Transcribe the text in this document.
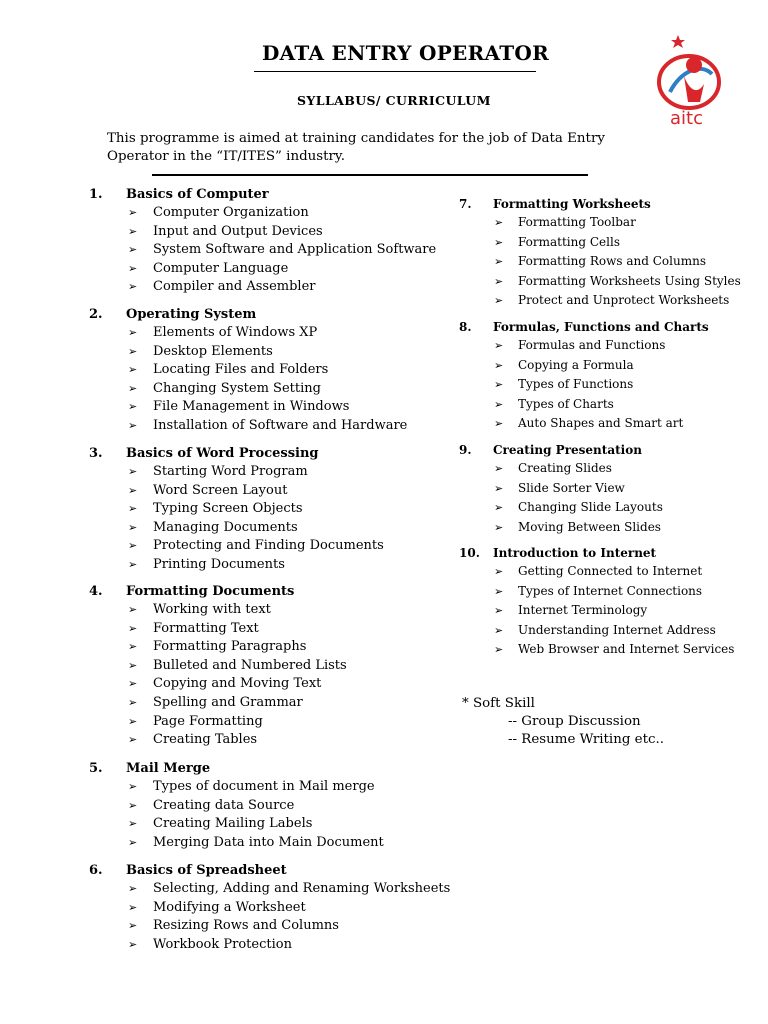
DATA ENTRY OPERATOR
SYLLABUS/ CURRICULUM
aitc
This programme is aimed at training candidates for the job of Data Entry Operator in the “IT/ITES” industry.
1.	Basics of Computer
➢ Computer Organization
➢ Input and Output Devices
➢ System Software and Application Software
➢ Computer Language
➢ Compiler and Assembler
2.	Operating System
➢ Elements of Windows XP
➢ Desktop Elements
➢ Locating Files and Folders
➢ Changing System Setting
➢ File Management in Windows
➢ Installation of Software and Hardware
3.	Basics of Word Processing
➢ Starting Word Program
➢ Word Screen Layout
➢ Typing Screen Objects
➢ Managing Documents
➢ Protecting and Finding Documents
➢ Printing Documents
4.	Formatting Documents
➢ Working with text
➢ Formatting Text
➢ Formatting Paragraphs
➢ Bulleted and Numbered Lists
➢ Copying and Moving Text
➢ Spelling and Grammar
➢ Page Formatting
➢ Creating Tables
5.	Mail Merge
➢ Types of document in Mail merge
➢ Creating data Source
➢ Creating Mailing Labels
➢ Merging Data into Main Document
6.	Basics of Spreadsheet
➢ Selecting, Adding and Renaming Worksheets
➢ Modifying a Worksheet
➢ Resizing Rows and Columns
➢ Workbook Protection
7.	Formatting Worksheets
➢ Formatting Toolbar
➢ Formatting Cells
➢ Formatting Rows and Columns
➢ Formatting Worksheets Using Styles
➢ Protect and Unprotect Worksheets
8.	Formulas, Functions and Charts
➢ Formulas and Functions
➢ Copying a Formula
➢ Types of Functions
➢ Types of Charts
➢ Auto Shapes and Smart art
9.	Creating Presentation
➢ Creating Slides
➢ Slide Sorter View
➢ Changing Slide Layouts
➢ Moving Between Slides
10.	Introduction to Internet
➢ Getting Connected to Internet
➢ Types of Internet Connections
➢ Internet Terminology
➢ Understanding Internet Address
➢ Web Browser and Internet Services
* Soft Skill
-- Group Discussion
-- Resume Writing etc..
